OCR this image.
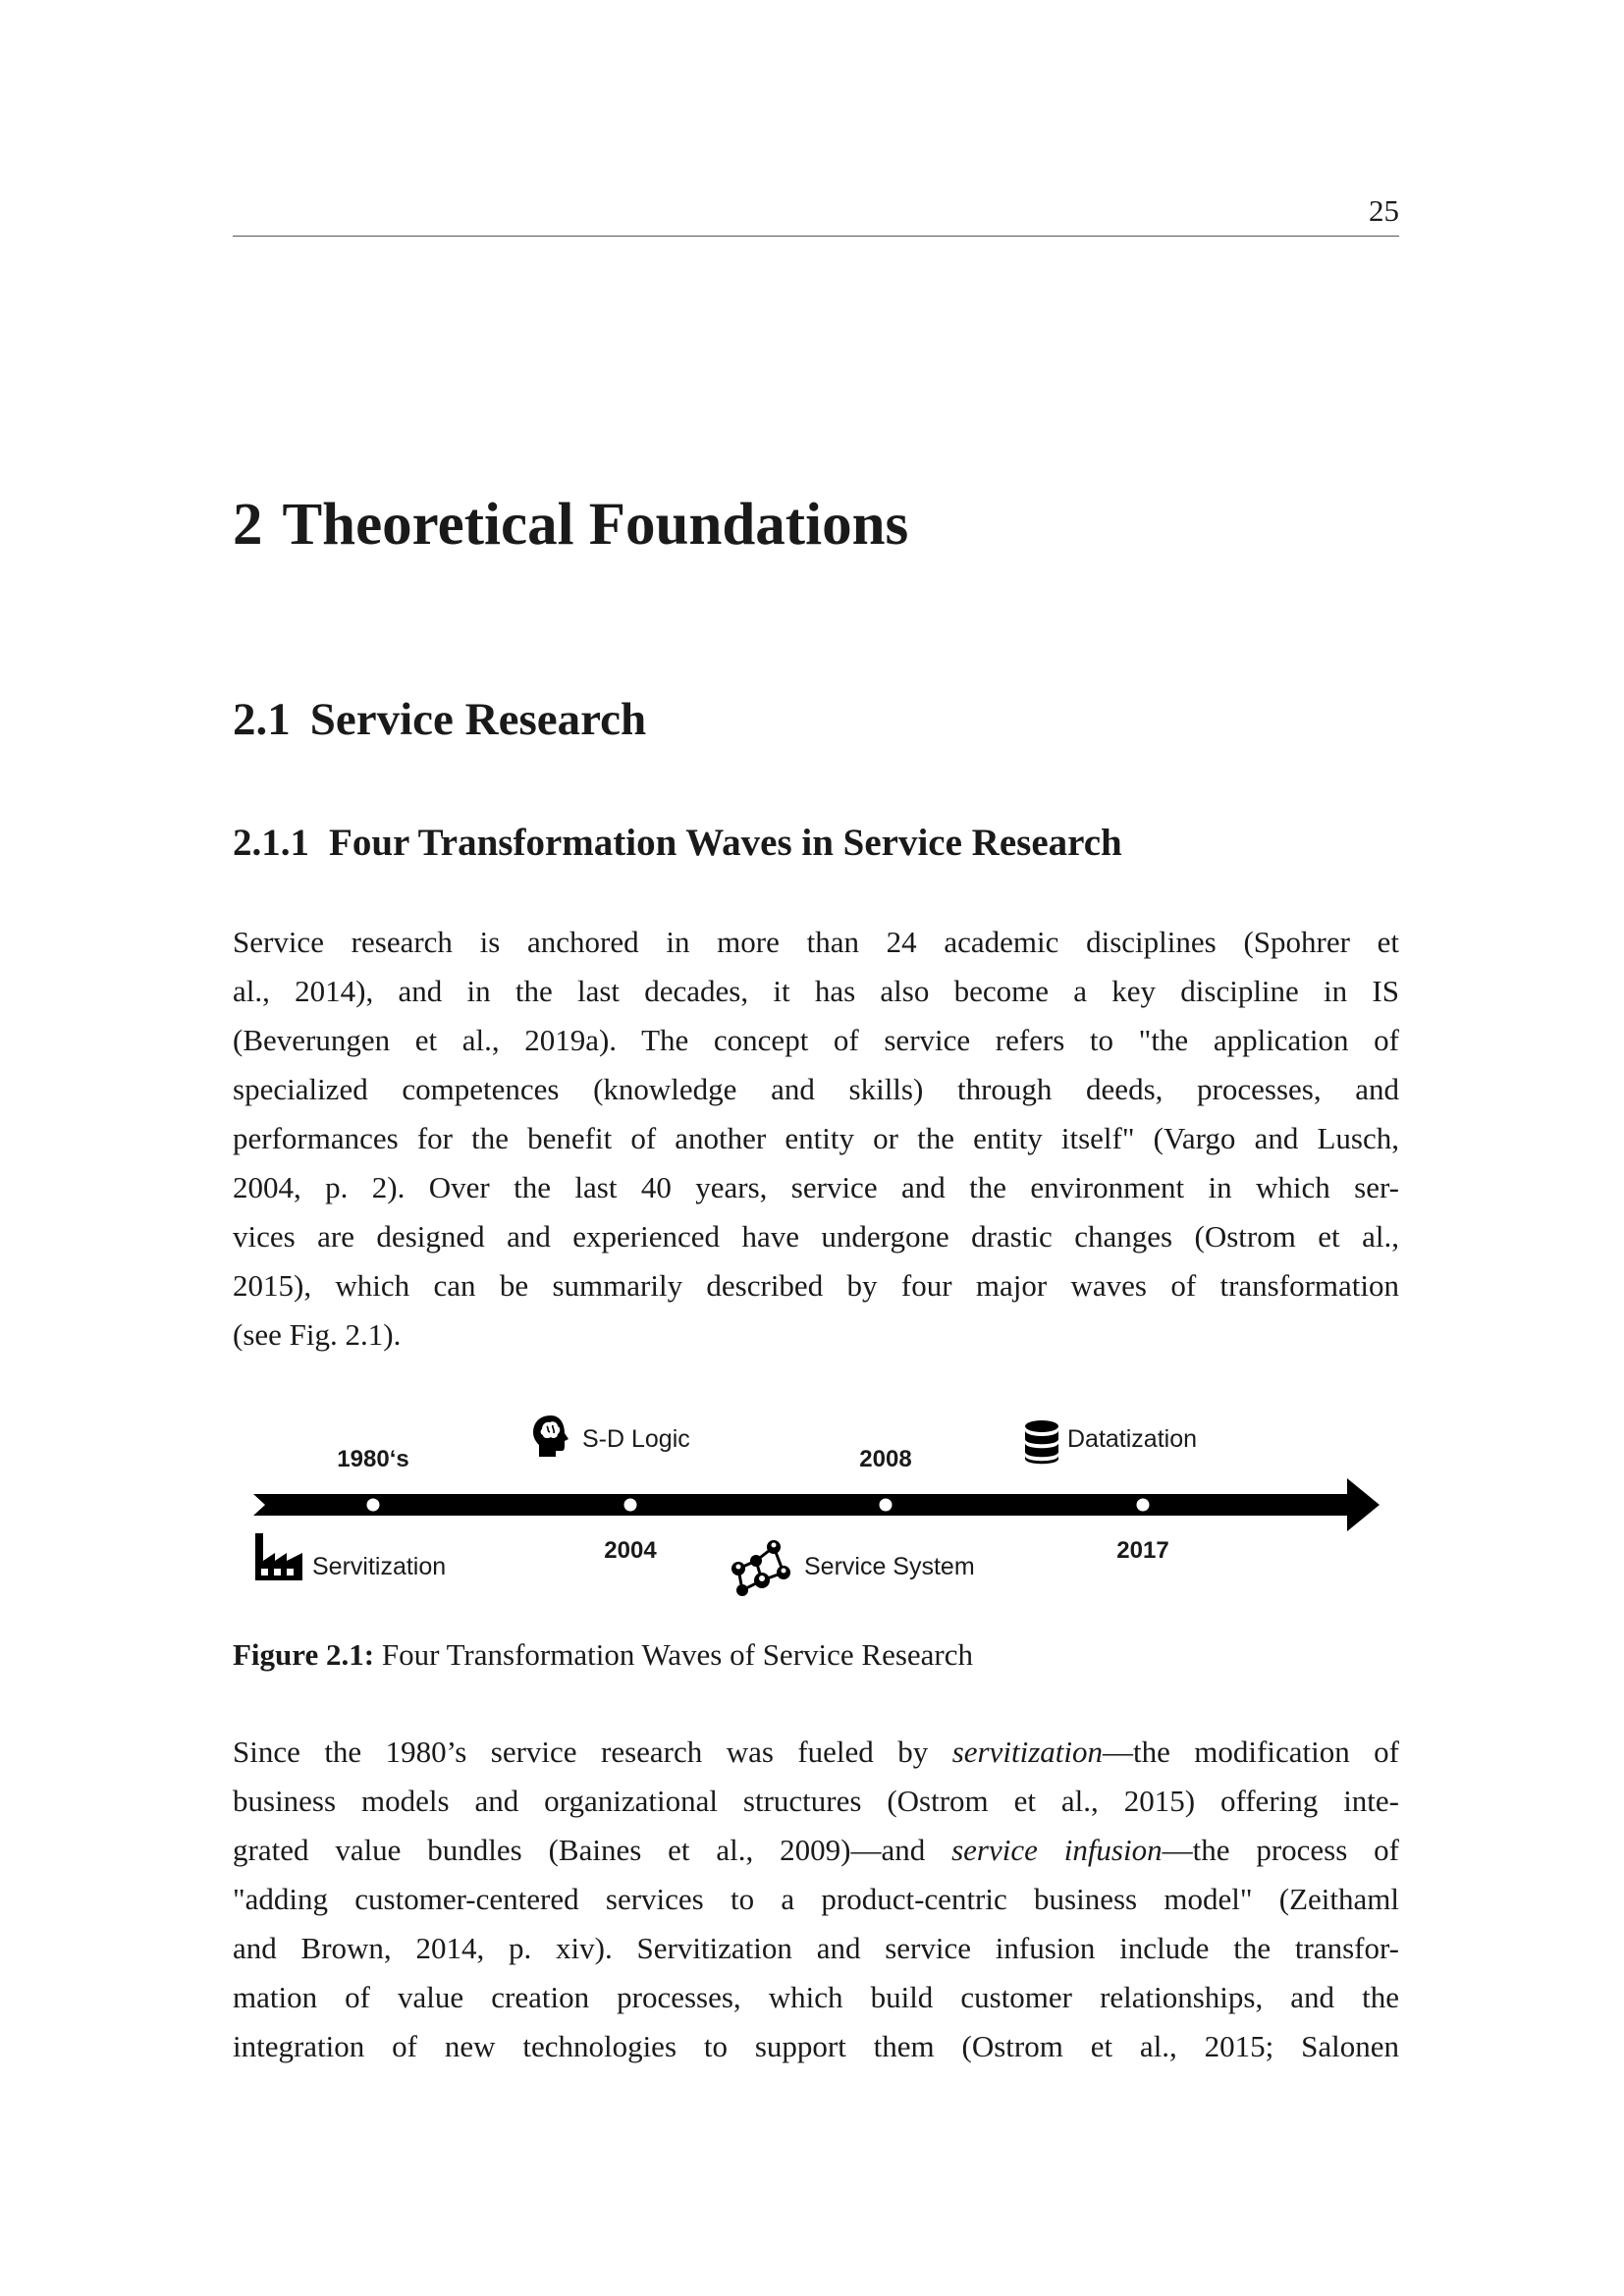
25
2 Theoretical Foundations
2.1 Service Research
2.1.1 Four Transformation Waves in Service Research
Service research is anchored in more than 24 academic disciplines (Spohrer et
al., 2014), and in the last decades, it has also become a key discipline in IS
(Beverungen et al., 2019a). The concept of service refers to "the application of
specialized competences (knowledge and skills) through deeds, processes, and
performances for the benefit of another entity or the entity itself" (Vargo and Lusch,
2004, p. 2). Over the last 40 years, service and the environment in which ser-
vices are designed and experienced have undergone drastic changes (Ostrom et al.,
2015), which can be summarily described by four major waves of transformation
(see Fig. 2.1).
1980‘s
S-D Logic
2008
Datatization
Servitization
2004
Service System
2017
Figure 2.1: Four Transformation Waves of Service Research
Since the 1980’s service research was fueled by servitization—the modification of
business models and organizational structures (Ostrom et al., 2015) offering inte-
grated value bundles (Baines et al., 2009)—and service infusion—the process of
"adding customer-centered services to a product-centric business model" (Zeithaml
and Brown, 2014, p. xiv). Servitization and service infusion include the transfor-
mation of value creation processes, which build customer relationships, and the
integration of new technologies to support them (Ostrom et al., 2015; Salonen
